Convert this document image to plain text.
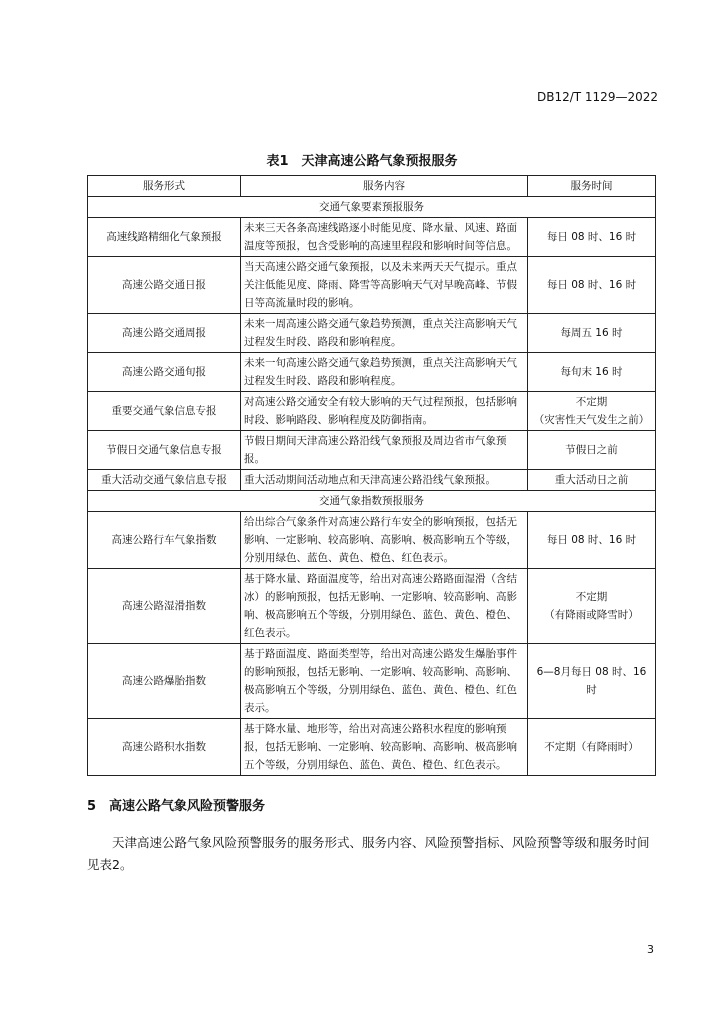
DB12/T 1129—2022
表1　天津高速公路气象预报服务
服务形式	服务内容	服务时间
交通气象要素预报服务		
高速线路精细化气象预报	未来三天各条高速线路逐小时能见度、降水量、风速、路面温度等预报，包含受影响的高速里程段和影响时间等信息。	每日 08 时、16 时

高速公路交通日报	当天高速公路交通气象预报，以及未来两天天气提示。重点关注低能见度、降雨、降雪等高影响天气对早晚高峰、节假日等高流量时段的影响。	每日 08 时、16 时

高速公路交通周报	未来一周高速公路交通气象趋势预测，重点关注高影响天气过程发生时段、路段和影响程度。	每周五 16 时

高速公路交通旬报	未来一旬高速公路交通气象趋势预测，重点关注高影响天气过程发生时段、路段和影响程度。	每旬末 16 时

重要交通气象信息专报	对高速公路交通安全有较大影响的天气过程预报，包括影响时段、影响路段、影响程度及防御指南。	不定期
（灾害性天气发生之前）

节假日交通气象信息专报	节假日期间天津高速公路沿线气象预报及周边省市气象预报。	节假日之前

重大活动交通气象信息专报	重大活动期间活动地点和天津高速公路沿线气象预报。	重大活动日之前

交通气象指数预报服务		
高速公路行车气象指数	给出综合气象条件对高速公路行车安全的影响预报，包括无影响、一定影响、较高影响、高影响、极高影响五个等级，分别用绿色、蓝色、黄色、橙色、红色表示。	每日 08 时、16 时

高速公路湿滑指数	基于降水量、路面温度等，给出对高速公路路面湿滑（含结冰）的影响预报，包括无影响、一定影响、较高影响、高影响、极高影响五个等级，分别用绿色、蓝色、黄色、橙色、红色表示。	不定期
（有降雨或降雪时）

高速公路爆胎指数	基于路面温度、路面类型等，给出对高速公路发生爆胎事件的影响预报，包括无影响、一定影响、较高影响、高影响、极高影响五个等级，分别用绿色、蓝色、黄色、橙色、红色表示。	6—8月每日 08 时、16 时

高速公路积水指数	基于降水量、地形等，给出对高速公路积水程度的影响预报，包括无影响、一定影响、较高影响、高影响、极高影响五个等级，分别用绿色、蓝色、黄色、橙色、红色表示。	不定期（有降雨时）
5　高速公路气象风险预警服务
天津高速公路气象风险预警服务的服务形式、服务内容、风险预警指标、风险预警等级和服务时间见表2。
3
